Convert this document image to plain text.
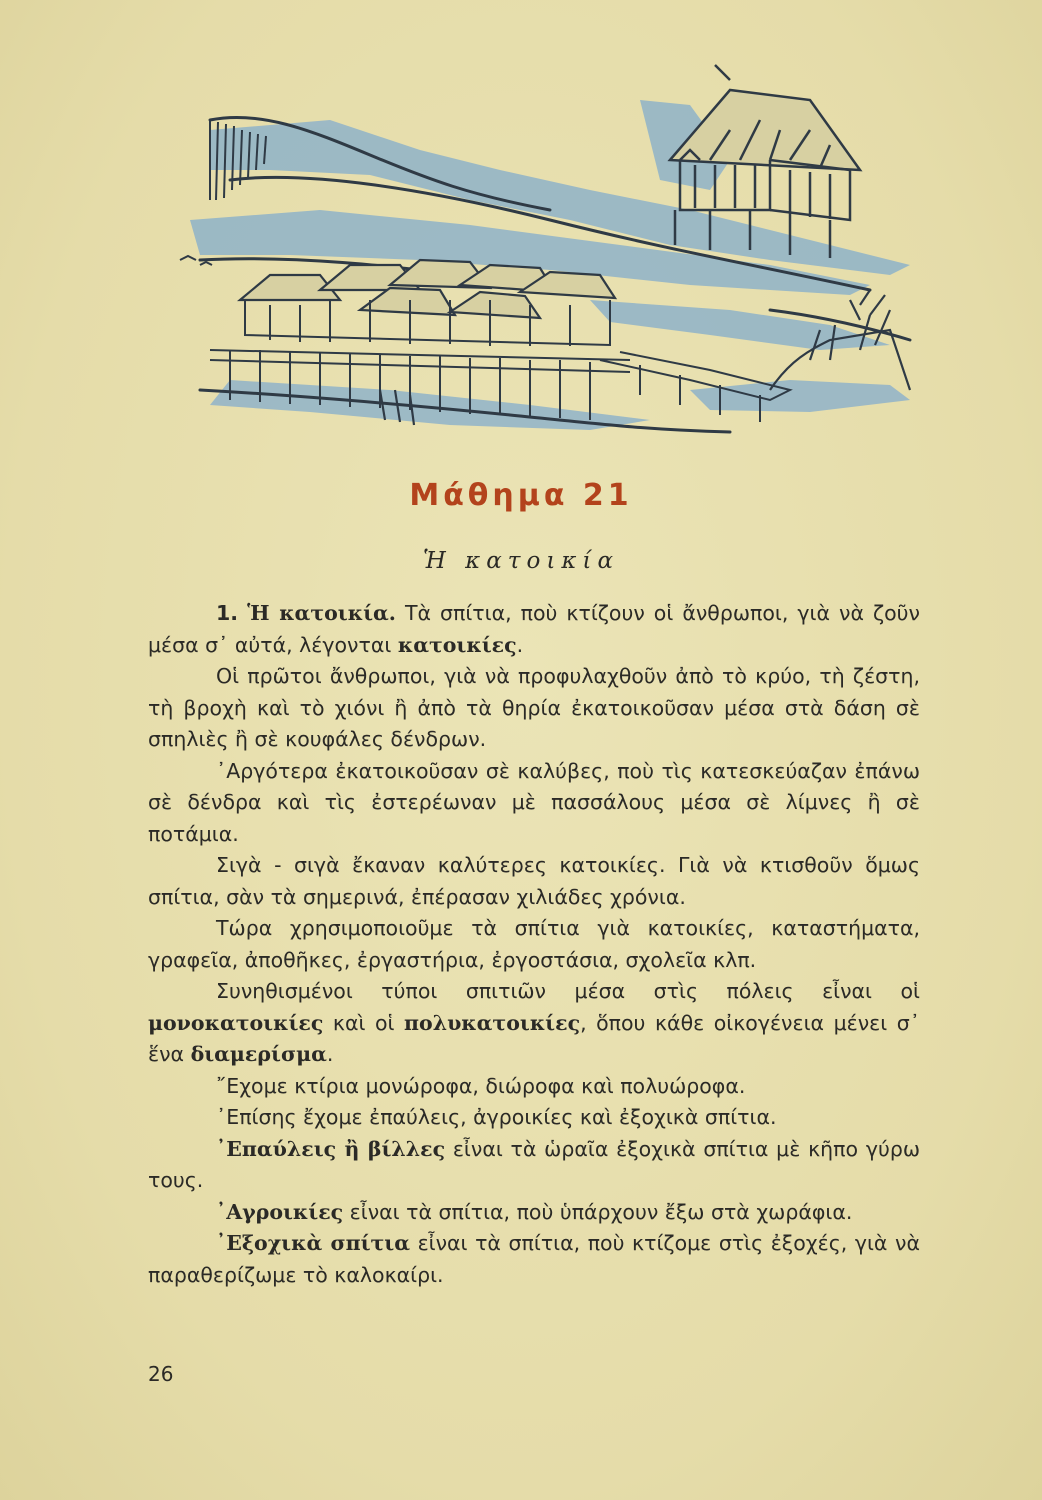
Μάθημα 21
Ἡ κατοικία

1. Ἡ κατοικία. Τὰ σπίτια, ποὺ κτίζουν οἱ ἄνθρωποι, γιὰ νὰ ζοῦν μέσα σ᾿ αὐτά, λέγονται κατοικίες.

Οἱ πρῶτοι ἄνθρωποι, γιὰ νὰ προφυλαχθοῦν ἀπὸ τὸ κρύο, τὴ ζέστη, τὴ βροχὴ καὶ τὸ χιόνι ἢ ἀπὸ τὰ θηρία ἐκατοικοῦσαν μέσα στὰ δάση σὲ σπηλιὲς ἢ σὲ κουφάλες δένδρων.

᾿Αργότερα ἐκατοικοῦσαν σὲ καλύβες, ποὺ τὶς κατεσκεύαζαν ἐπάνω σὲ δένδρα καὶ τὶς ἐστερέωναν μὲ πασσάλους μέσα σὲ λίμνες ἢ σὲ ποτάμια.

Σιγὰ - σιγὰ ἔκαναν καλύτερες κατοικίες. Γιὰ νὰ κτισθοῦν ὅμως σπίτια, σὰν τὰ σημερινά, ἐπέρασαν χιλιάδες χρόνια.

Τώρα χρησιμοποιοῦμε τὰ σπίτια γιὰ κατοικίες, καταστήματα, γραφεῖα, ἀποθῆκες, ἐργαστήρια, ἐργοστάσια, σχολεῖα κλπ.

Συνηθισμένοι τύποι σπιτιῶν μέσα στὶς πόλεις εἶναι οἱ μονοκατοικίες καὶ οἱ πολυκατοικίες, ὅπου κάθε οἰκογένεια μένει σ᾿ ἕνα διαμερίσμα.

῎Εχομε κτίρια μονώροφα, διώροφα καὶ πολυώροφα.

᾿Επίσης ἔχομε ἐπαύλεις, ἀγροικίες καὶ ἐξοχικὰ σπίτια.

᾿Επαύλεις ἢ βίλλες εἶναι τὰ ὡραῖα ἐξοχικὰ σπίτια μὲ κῆπο γύρω τους.

᾿Αγροικίες εἶναι τὰ σπίτια, ποὺ ὑπάρχουν ἔξω στὰ χωράφια.

᾿Εξοχικὰ σπίτια εἶναι τὰ σπίτια, ποὺ κτίζομε στὶς ἐξοχές, γιὰ νὰ παραθερίζωμε τὸ καλοκαίρι.

26
